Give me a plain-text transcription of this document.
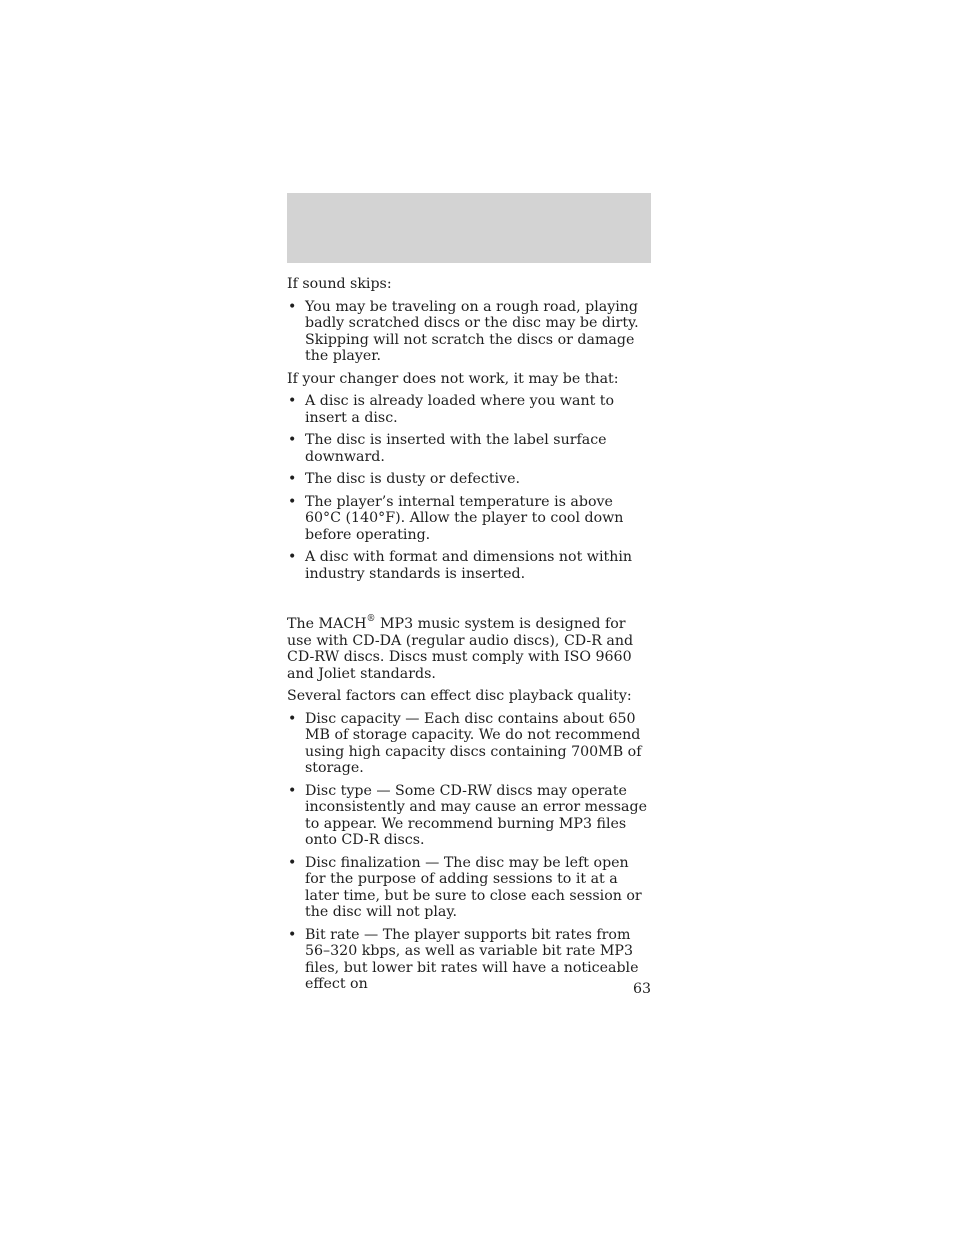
If sound skips:

• You may be traveling on a rough road, playing badly scratched discs or the disc may be dirty. Skipping will not scratch the discs or damage the player.

If your changer does not work, it may be that:

• A disc is already loaded where you want to insert a disc.
• The disc is inserted with the label surface downward.
• The disc is dusty or defective.
• The player’s internal temperature is above 60°C (140°F). Allow the player to cool down before operating.
• A disc with format and dimensions not within industry standards is inserted.

The MACH® MP3 music system is designed for use with CD-DA (regular audio discs), CD-R and CD-RW discs. Discs must comply with ISO 9660 and Joliet standards.

Several factors can effect disc playback quality:

• Disc capacity — Each disc contains about 650 MB of storage capacity. We do not recommend using high capacity discs containing 700MB of storage.
• Disc type — Some CD-RW discs may operate inconsistently and may cause an error message to appear. We recommend burning MP3 files onto CD-R discs.
• Disc finalization — The disc may be left open for the purpose of adding sessions to it at a later time, but be sure to close each session or the disc will not play.
• Bit rate — The player supports bit rates from 56–320 kbps, as well as variable bit rate MP3 files, but lower bit rates will have a noticeable effect on	63
